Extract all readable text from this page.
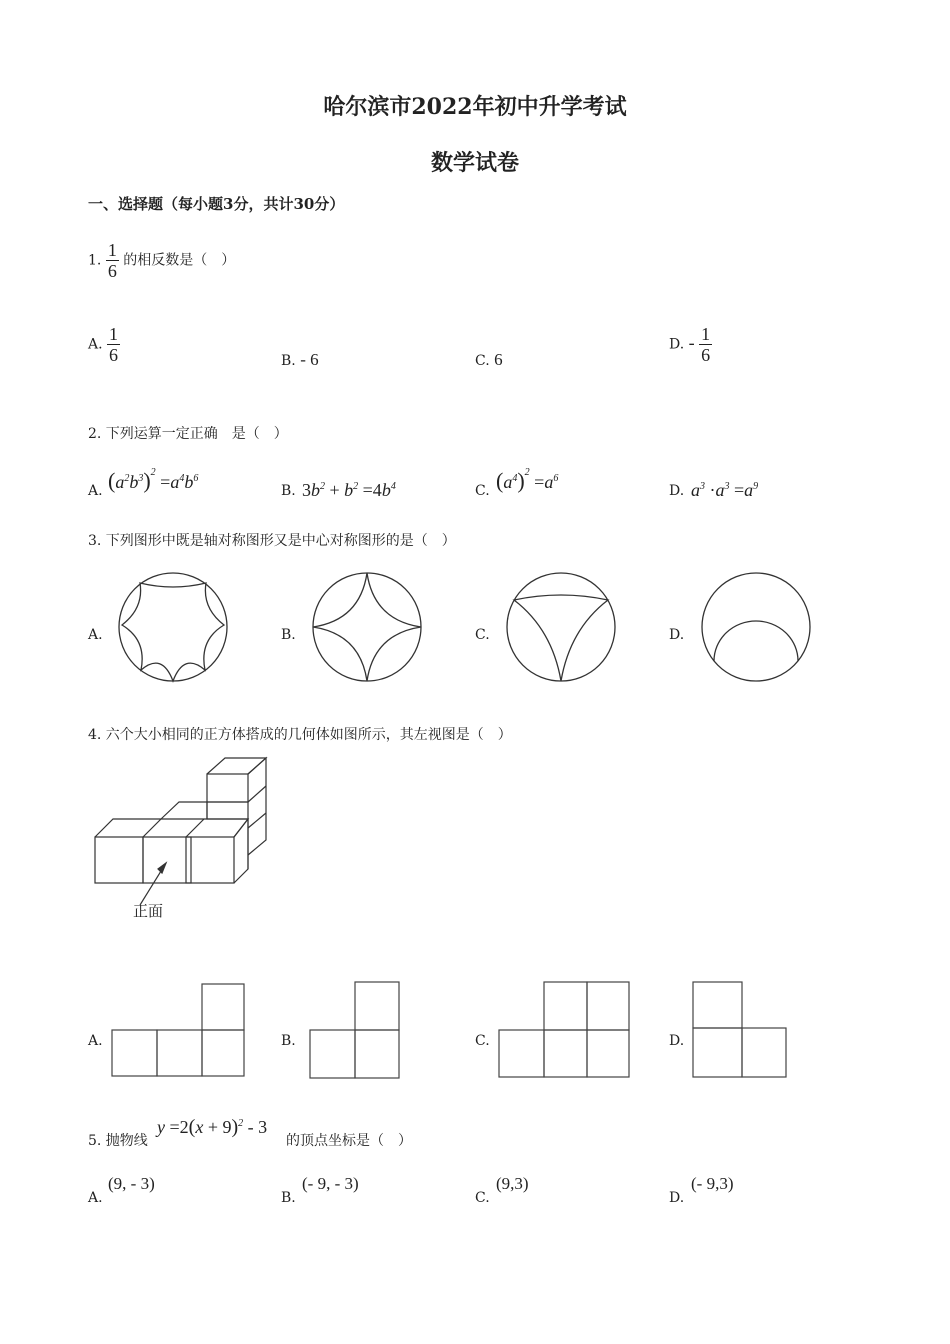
哈尔滨市2022年初中升学考试
数学试卷
一、选择题（每小题3分，共计30分）
1. $\frac{1}{6}$ 的相反数是（　）
A. $\frac{1}{6}$	B. - 6	C. 6
D. - $\frac{1}{6}$
2. 下列运算一定正确　是（　）
A. $(a^2b^3)^2 =a^4b^6$
B. $3b^2 + b^2 =4b^4$	C. $(a^4)^2 =a^6$
D. $a^3 \cdot a^3 =a^9$
3. 下列图形中既是轴对称图形又是中心对称图形的是（　）
A.	B.	C.	D.
4. 六个大小相同的正方体搭成的几何体如图所示，其左视图是（　）
正面
A.	B.	C.	D.
5. 抛物线
$y =2(x + 9)^2 - 3$
的顶点坐标是（　）
A.
(9, - 3)
B.
(- 9, - 3)
C.
(9,3)
D.
(- 9,3)
